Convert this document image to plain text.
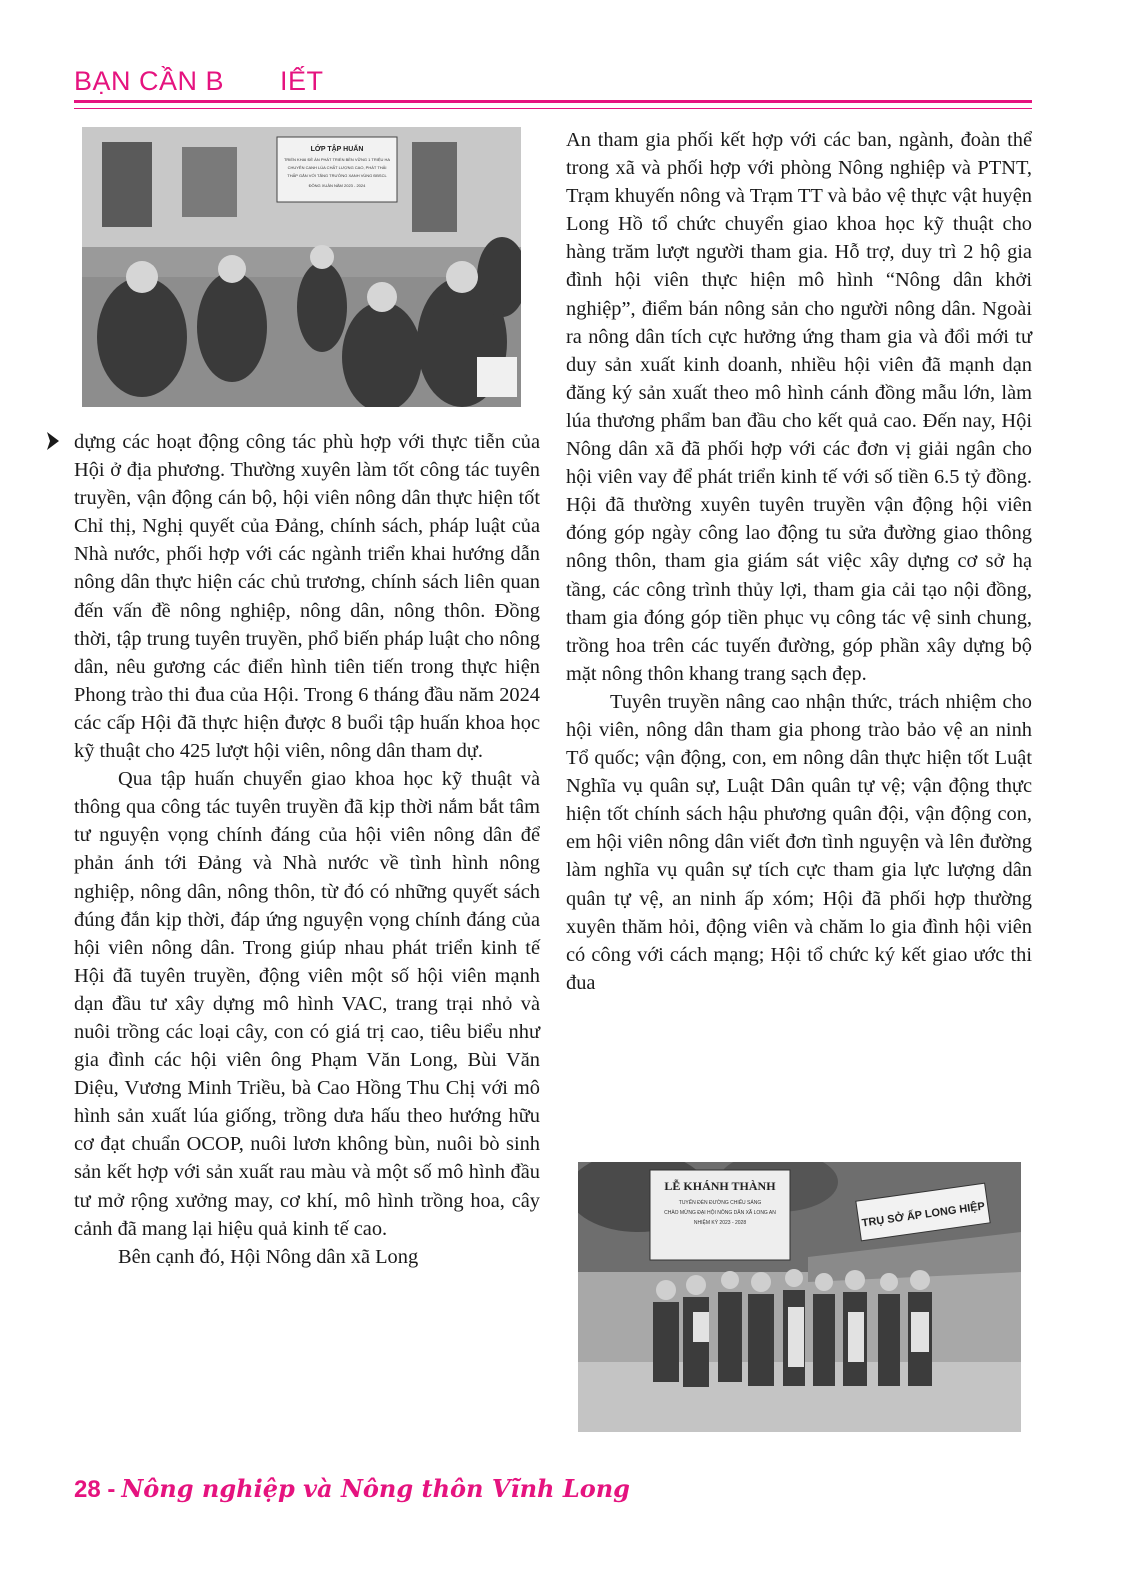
BẠN CẦN B       IẾT
LỚP TẬP HUẤN
TRIỂN KHAI ĐỀ ÁN PHÁT TRIỂN BỀN VỮNG 1 TRIỆU HA
CHUYÊN CANH LÚA CHẤT LƯỢNG CAO, PHÁT THẢI
THẤP GẮN VỚI TĂNG TRƯỞNG XANH VÙNG ĐBSCL
ĐÔNG XUÂN NĂM 2023 - 2024

dựng các hoạt động công tác phù hợp với thực tiễn của Hội ở địa phương. Thường xuyên làm tốt công tác tuyên truyền, vận động cán bộ, hội viên nông dân thực hiện tốt Chỉ thị, Nghị quyết của Đảng, chính sách, pháp luật của Nhà nước, phối hợp với các ngành triển khai hướng dẫn nông dân thực hiện các chủ trương, chính sách liên quan đến vấn đề nông nghiệp, nông dân, nông thôn. Đồng thời, tập trung tuyên truyền, phổ biến pháp luật cho nông dân, nêu gương các điển hình tiên tiến trong thực hiện Phong trào thi đua của Hội. Trong 6 tháng đầu năm 2024 các cấp Hội đã thực hiện được 8 buổi tập huấn khoa học kỹ thuật cho 425 lượt hội viên, nông dân tham dự.

Qua tập huấn chuyển giao khoa học kỹ thuật và thông qua công tác tuyên truyền đã kịp thời nắm bắt tâm tư nguyện vọng chính đáng của hội viên nông dân để phản ánh tới Đảng và Nhà nước về tình hình nông nghiệp, nông dân, nông thôn, từ đó có những quyết sách đúng đắn kịp thời, đáp ứng nguyện vọng chính đáng của hội viên nông dân. Trong giúp nhau phát triển kinh tế Hội đã tuyên truyền, động viên một số hội viên mạnh dạn đầu tư xây dựng mô hình VAC, trang trại nhỏ và nuôi trồng các loại cây, con có giá trị cao, tiêu biểu như gia đình các hội viên ông Phạm Văn Long, Bùi Văn Diệu, Vương Minh Triều, bà Cao Hồng Thu Chị với mô hình sản xuất lúa giống, trồng dưa hấu theo hướng hữu cơ đạt chuẩn OCOP, nuôi lươn không bùn, nuôi bò sinh sản kết hợp với sản xuất rau màu và một số mô hình đầu tư mở rộng xưởng may, cơ khí, mô hình trồng hoa, cây cảnh đã mang lại hiệu quả kinh tế cao.

Bên cạnh đó, Hội Nông dân xã Long

An tham gia phối kết hợp với các ban, ngành, đoàn thể trong xã và phối hợp với phòng Nông nghiệp và PTNT, Trạm khuyến nông và Trạm TT và bảo vệ thực vật huyện Long Hồ tổ chức chuyển giao khoa học kỹ thuật cho hàng trăm lượt người tham gia. Hỗ trợ, duy trì 2 hộ gia đình hội viên thực hiện mô hình “Nông dân khởi nghiệp”, điểm bán nông sản cho người nông dân. Ngoài ra nông dân tích cực hưởng ứng tham gia và đổi mới tư duy sản xuất kinh doanh, nhiều hội viên đã mạnh dạn đăng ký sản xuất theo mô hình cánh đồng mẫu lớn, làm lúa thương phẩm ban đầu cho kết quả cao. Đến nay, Hội Nông dân xã đã phối hợp với các đơn vị giải ngân cho hội viên vay để phát triển kinh tế với số tiền 6.5 tỷ đồng. Hội đã thường xuyên tuyên truyền vận động hội viên đóng góp ngày công lao động tu sửa đường giao thông nông thôn, tham gia giám sát việc xây dựng cơ sở hạ tầng, các công trình thủy lợi, tham gia cải tạo nội đồng, tham gia đóng góp tiền phục vụ công tác vệ sinh chung, trồng hoa trên các tuyến đường, góp phần xây dựng bộ mặt nông thôn khang trang sạch đẹp.

Tuyên truyền nâng cao nhận thức, trách nhiệm cho hội viên, nông dân tham gia phong trào bảo vệ an ninh Tổ quốc; vận động, con, em nông dân thực hiện tốt Luật Nghĩa vụ quân sự, Luật Dân quân tự vệ; vận động thực hiện tốt chính sách hậu phương quân đội, vận động con, em hội viên nông dân viết đơn tình nguyện và lên đường làm nghĩa vụ quân sự tích cực tham gia lực lượng dân quân tự vệ, an ninh ấp xóm; Hội đã phối hợp thường xuyên thăm hỏi, động viên và chăm lo gia đình hội viên có công với cách mạng; Hội tổ chức ký kết giao ước thi đua

LỄ KHÁNH THÀNH
TUYẾN ĐÈN ĐƯỜNG CHIẾU SÁNG
CHÀO MỪNG ĐẠI HỘI NÔNG DÂN XÃ LONG AN
NHIỆM KỲ 2023 - 2028	TRỤ SỞ ẤP LONG HIỆP
28 - Nông nghiệp và Nông thôn Vĩnh Long
